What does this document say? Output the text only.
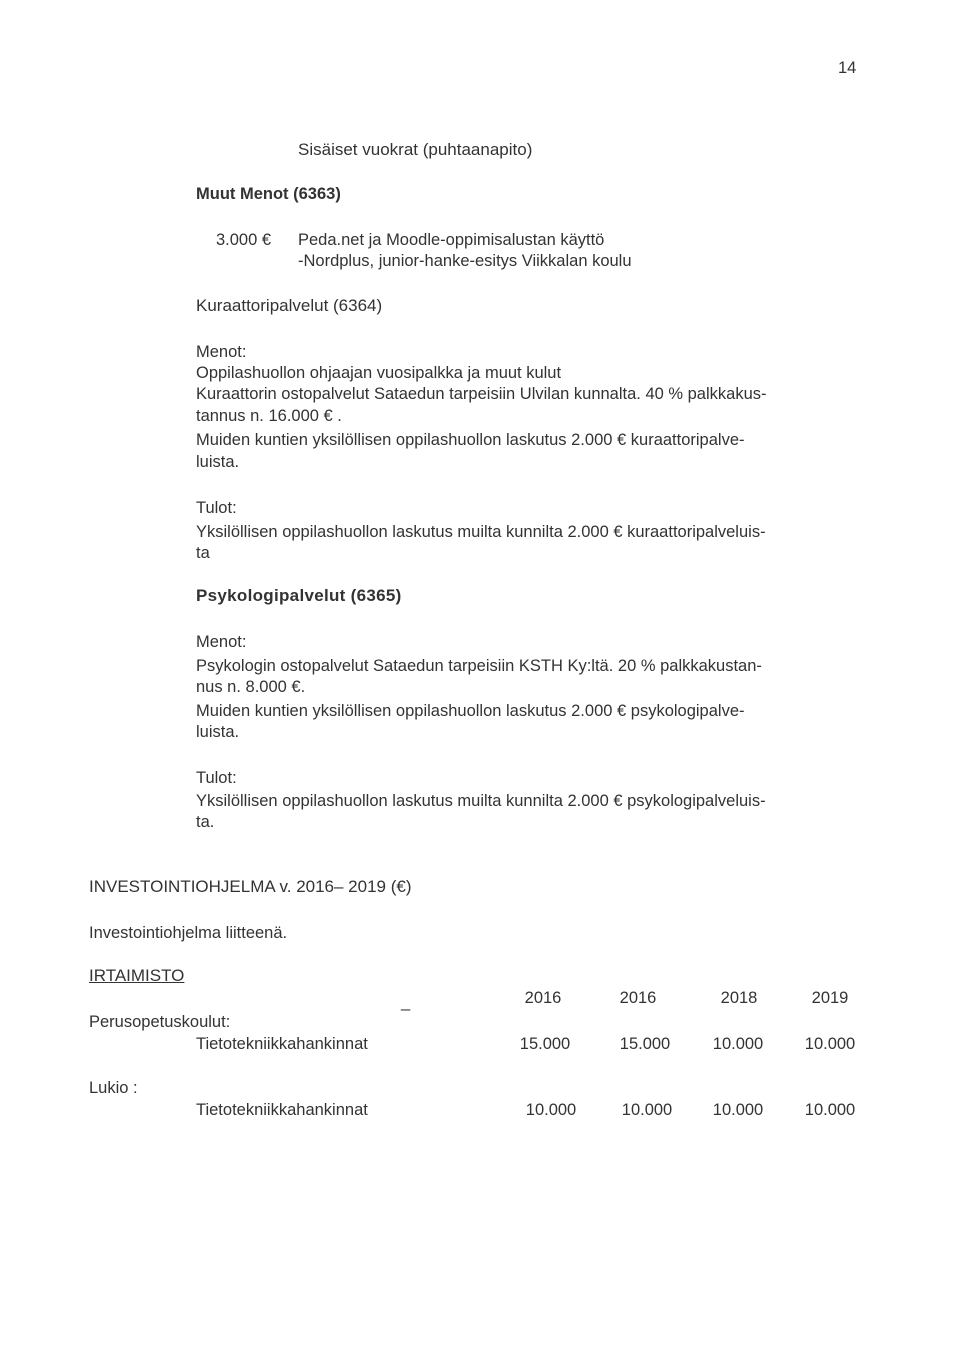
14
Sisäiset vuokrat (puhtaanapito)
Muut Menot (6363)
3.000 € Peda.net ja Moodle-oppimisalustan käyttö
-Nordplus, junior-hanke-esitys Viikkalan koulu
Kuraattoripalvelut (6364)
Menot:
Oppilashuollon ohjaajan vuosipalkka ja muut kulut
Kuraattorin ostopalvelut Sataedun tarpeisiin Ulvilan kunnalta. 40 % palkkakus-
tannus n. 16.000 € .
Muiden kuntien yksilöllisen oppilashuollon laskutus 2.000 € kuraattoripalve-
luista.
Tulot:
Yksilöllisen oppilashuollon laskutus muilta kunnilta 2.000 € kuraattoripalveluis-
ta
Psykologipalvelut (6365)
Menot:
Psykologin ostopalvelut Sataedun tarpeisiin KSTH Ky:ltä. 20 % palkkakustan-
nus n. 8.000 €.
Muiden kuntien yksilöllisen oppilashuollon laskutus 2.000 € psykologipalve-
luista.
Tulot:
Yksilöllisen oppilashuollon laskutus muilta kunnilta 2.000 € psykologipalveluis-
ta.
INVESTOINTIOHJELMA v. 2016– 2019 (€)
Investointiohjelma liitteenä.
IRTAIMISTO
_	2016	2016	2018	2019
Perusopetuskoulut:
Tietotekniikkahankinnat	15.000	15.000	10.000	10.000
Lukio :
Tietotekniikkahankinnat	10.000	10.000	10.000	10.000
